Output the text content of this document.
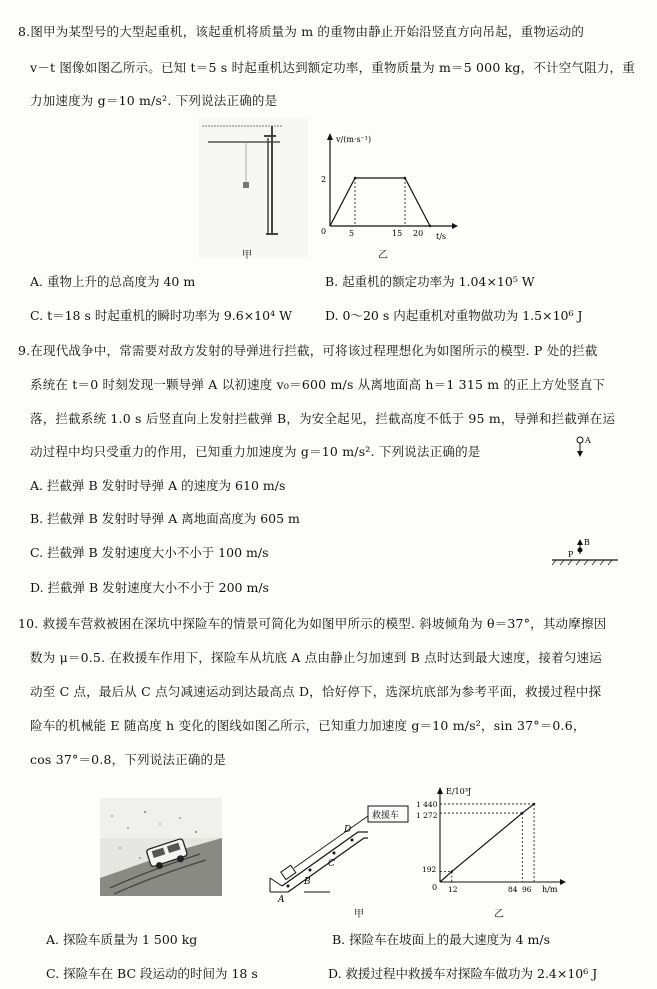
8.图甲为某型号的大型起重机，该起重机将质量为 m 的重物由静止开始沿竖直方向吊起，重物运动的
v－t 图像如图乙所示。已知 t＝5 s 时起重机达到额定功率，重物质量为 m＝5 000 kg，不计空气阻力，重
力加速度为 g＝10 m/s². 下列说法正确的是
甲
v/(m·s⁻¹)
t/s
0
2
5	15 20
乙
A. 重物上升的总高度为 40 m	B. 起重机的额定功率为 1.04×10⁵ W
C. t＝18 s 时起重机的瞬时功率为 9.6×10⁴ W	D. 0～20 s 内起重机对重物做功为 1.5×10⁶ J
9.在现代战争中，常需要对敌方发射的导弹进行拦截，可将该过程理想化为如图所示的模型. P 处的拦截
系统在 t＝0 时刻发现一颗导弹 A 以初速度 v₀＝600 m/s 从离地面高 h＝1 315 m 的正上方处竖直下
落，拦截系统 1.0 s 后竖直向上发射拦截弹 B，为安全起见，拦截高度不低于 95 m，导弹和拦截弹在运
动过程中均只受重力的作用，已知重力加速度为 g＝10 m/s². 下列说法正确的是
A
B
P
A. 拦截弹 B 发射时导弹 A 的速度为 610 m/s
B. 拦截弹 B 发射时导弹 A 离地面高度为 605 m
C. 拦截弹 B 发射速度大小不小于 100 m/s
D. 拦截弹 B 发射速度大小不小于 200 m/s
10. 救援车营救被困在深坑中探险车的情景可简化为如图甲所示的模型. 斜坡倾角为 θ＝37°，其动摩擦因
数为 μ＝0.5. 在救援车作用下，探险车从坑底 A 点由静止匀加速到 B 点时达到最大速度，接着匀速运
动至 C 点，最后从 C 点匀减速运动到达最高点 D，恰好停下，选深坑底部为参考平面，救援过程中探
险车的机械能 E 随高度 h 变化的图线如图乙所示，已知重力加速度 g＝10 m/s²，sin 37°＝0.6，
cos 37°＝0.8，下列说法正确的是
救援车
A
B
C
D
甲
E/10³J
h/m
0
1 440
1 272
192
12	84 96
乙
A. 探险车质量为 1 500 kg	B. 探险车在坡面上的最大速度为 4 m/s
C. 探险车在 BC 段运动的时间为 18 s	D. 救援过程中救援车对探险车做功为 2.4×10⁶ J
